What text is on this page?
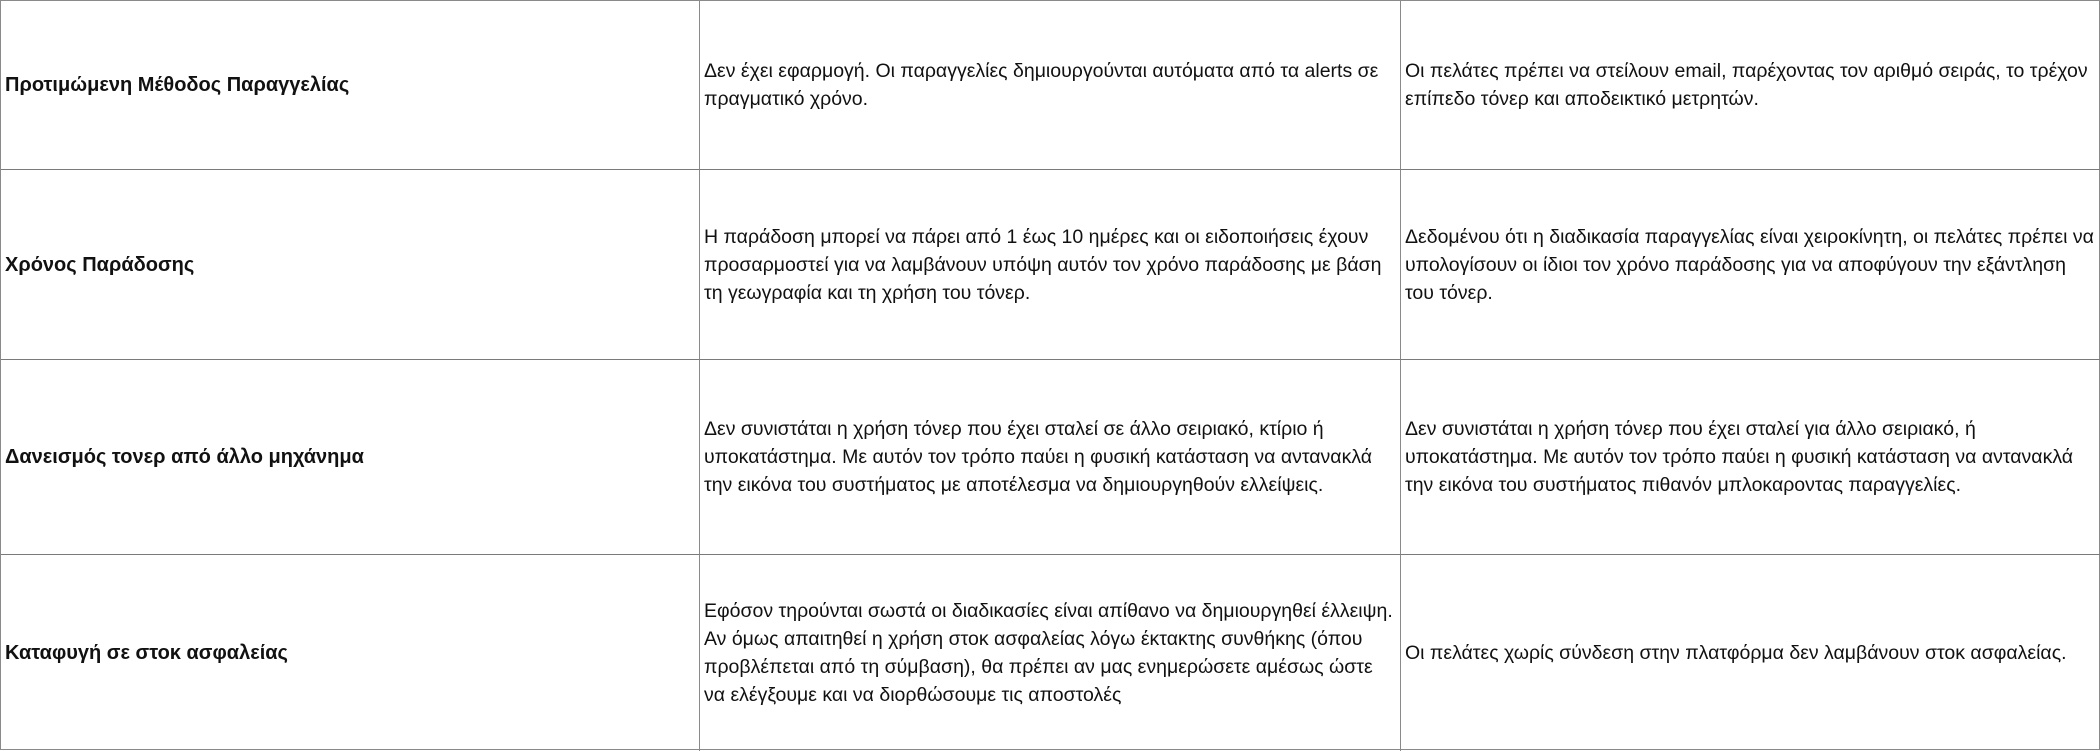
Προτιμώμενη Μέθοδος Παραγγελίας
Δεν έχει εφαρμογή. Οι παραγγελίες δημιουργούνται αυτόματα από τα alerts σε πραγματικό χρόνο.
Οι πελάτες πρέπει να στείλουν email, παρέχοντας τον αριθμό σειράς, το τρέχον επίπεδο τόνερ και αποδεικτικό μετρητών.
Χρόνος Παράδοσης
Η παράδοση μπορεί να πάρει από 1 έως 10 ημέρες και οι ειδοποιήσεις έχουν προσαρμοστεί για να λαμβάνουν υπόψη αυτόν τον χρόνο παράδοσης με βάση τη γεωγραφία και τη χρήση του τόνερ.
Δεδομένου ότι η διαδικασία παραγγελίας είναι χειροκίνητη, οι πελάτες πρέπει να υπολογίσουν οι ίδιοι τον χρόνο παράδοσης για να αποφύγουν την εξάντληση του τόνερ.
Δανεισμός τονερ από άλλο μηχάνημα
Δεν συνιστάται η χρήση τόνερ που έχει σταλεί σε άλλο σειριακό, κτίριο ή υποκατάστημα. Με αυτόν τον τρόπο παύει η φυσική κατάσταση να αντανακλά την εικόνα του συστήματος με αποτέλεσμα να δημιουργηθούν ελλείψεις.
Δεν συνιστάται η χρήση τόνερ που έχει σταλεί για άλλο σειριακό, ή υποκατάστημα. Με αυτόν τον τρόπο παύει η φυσική κατάσταση να αντανακλά την εικόνα του συστήματος πιθανόν μπλοκαροντας παραγγελίες.
Καταφυγή σε στοκ ασφαλείας
Εφόσον τηρούνται σωστά οι διαδικασίες είναι απίθανο να δημιουργηθεί έλλειψη. Αν όμως απαιτηθεί η χρήση στοκ ασφαλείας λόγω έκτακτης συνθήκης (όπου προβλέπεται από τη σύμβαση), θα πρέπει αν μας ενημερώσετε αμέσως ώστε να ελέγξουμε και να διορθώσουμε τις αποστολές
Οι πελάτες χωρίς σύνδεση στην πλατφόρμα δεν λαμβάνουν στοκ ασφαλείας.
